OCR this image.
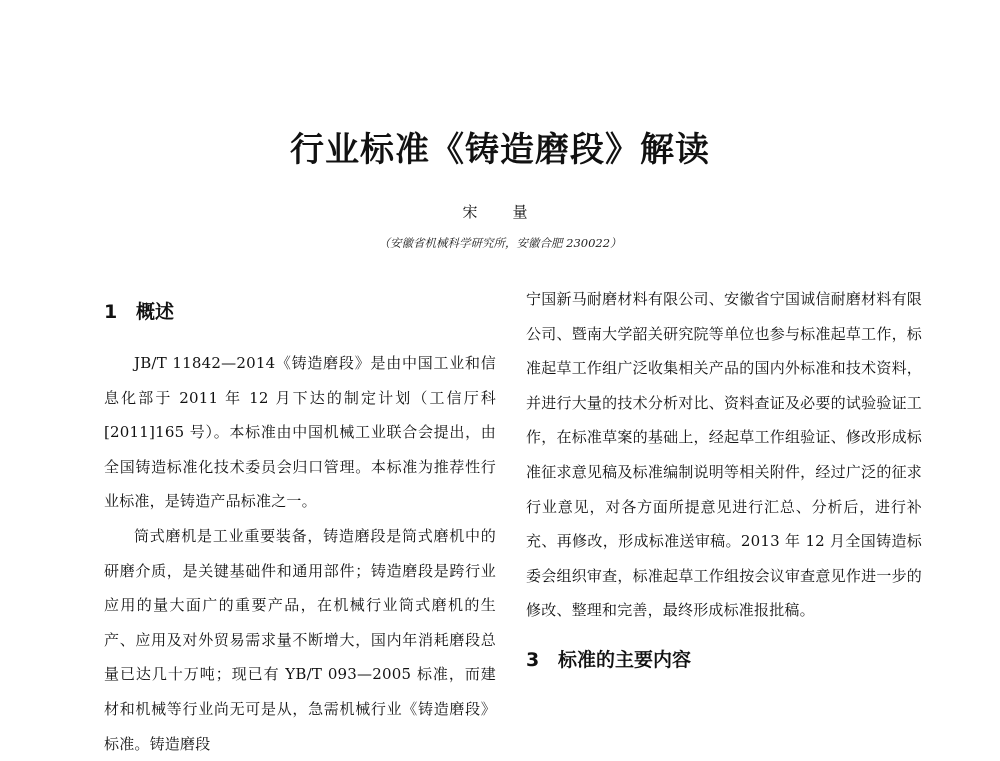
行业标准《铸造磨段》解读
宋　量
（安徽省机械科学研究所，安徽合肥 230022）
1 概述

JB/T 11842—2014《铸造磨段》是由中国工业和信息化部于 2011 年 12 月下达的制定计划（工信厅科[2011]165 号）。本标准由中国机械工业联合会提出，由全国铸造标准化技术委员会归口管理。本标准为推荐性行业标准，是铸造产品标准之一。

筒式磨机是工业重要装备，铸造磨段是筒式磨机中的研磨介质，是关键基础件和通用部件；铸造磨段是跨行业应用的量大面广的重要产品，在机械行业筒式磨机的生产、应用及对外贸易需求量不断增大，国内年消耗磨段总量已达几十万吨；现已有 YB/T 093—2005 标准，而建材和机械等行业尚无可是从，急需机械行业《铸造磨段》标准。铸造磨段

宁国新马耐磨材料有限公司、安徽省宁国诚信耐磨材料有限公司、暨南大学韶关研究院等单位也参与标准起草工作，标准起草工作组广泛收集相关产品的国内外标准和技术资料，并进行大量的技术分析对比、资料查证及必要的试验验证工作，在标准草案的基础上，经起草工作组验证、修改形成标准征求意见稿及标准编制说明等相关附件，经过广泛的征求行业意见，对各方面所提意见进行汇总、分析后，进行补充、再修改，形成标准送审稿。2013 年 12 月全国铸造标委会组织审查，标准起草工作组按会议审查意见作进一步的修改、整理和完善，最终形成标准报批稿。

3 标准的主要内容
